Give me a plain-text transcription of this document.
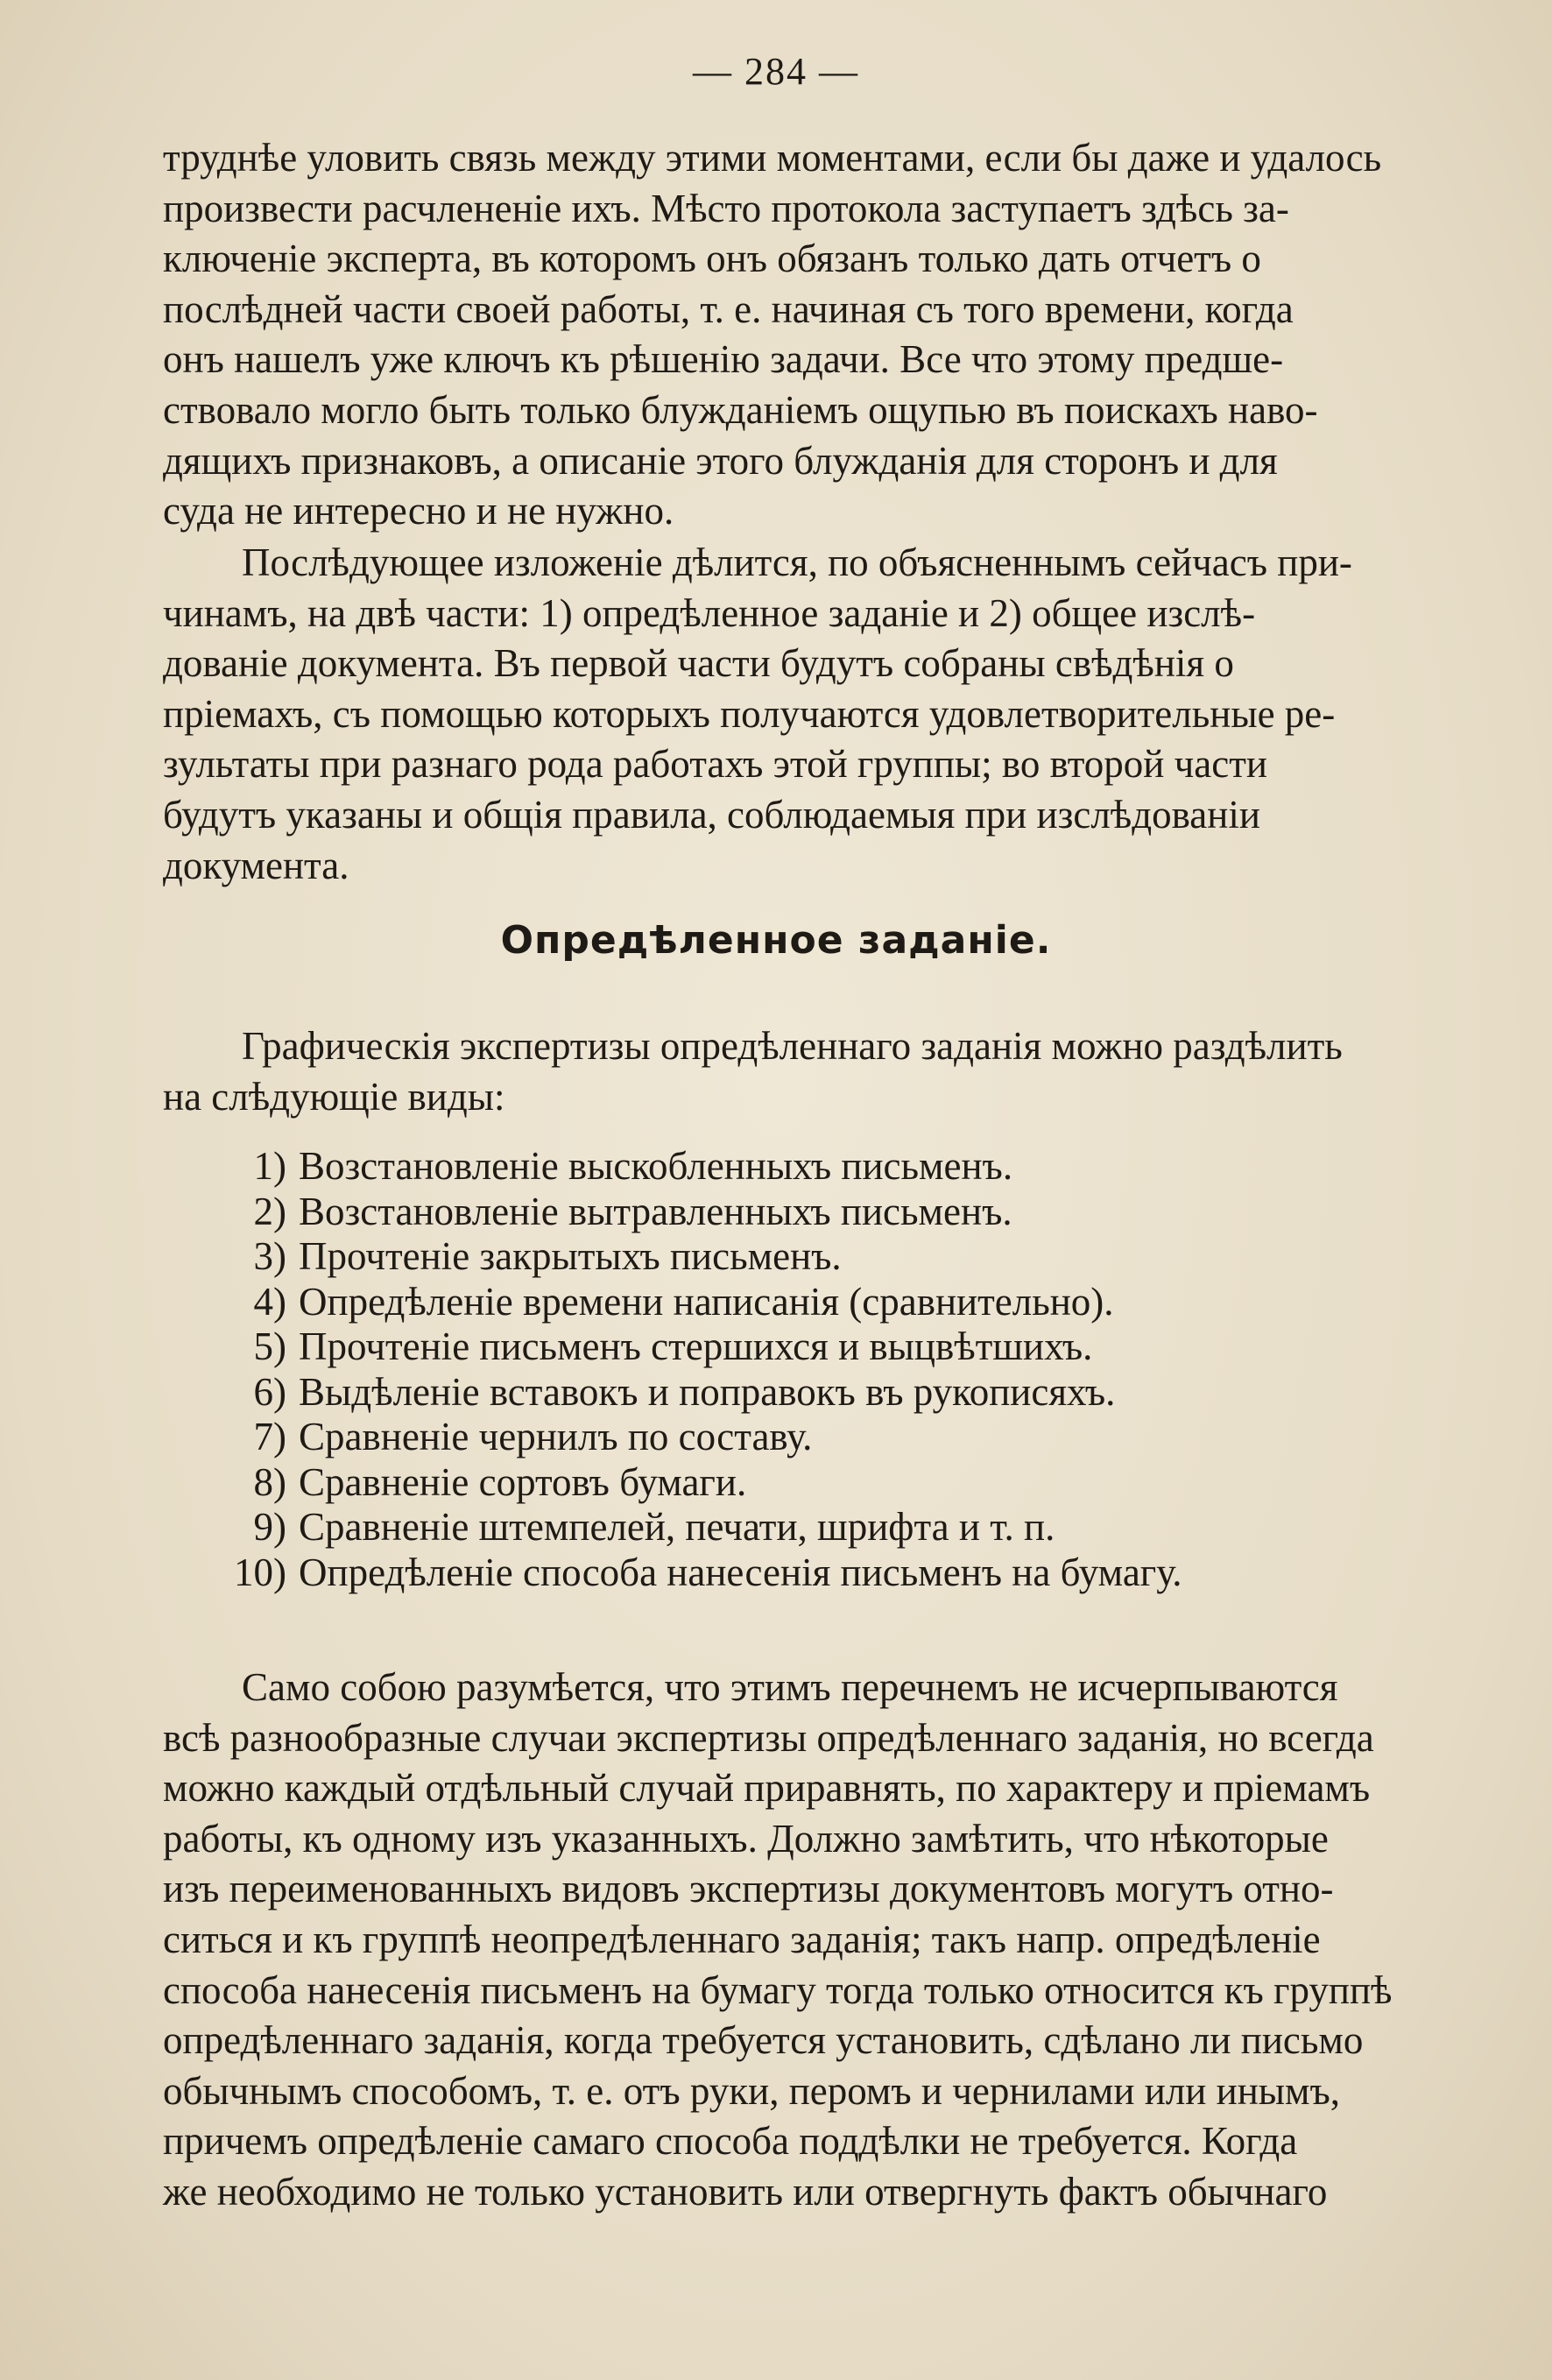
— 284 —

труднѣе уловить связь между этими моментами, если бы даже и удалось

произвести расчлененіе ихъ. Мѣсто протокола заступаетъ здѣсь за-

ключеніе эксперта, въ которомъ онъ обязанъ только дать отчетъ о

послѣдней части своей работы, т. е. начиная съ того времени, когда

онъ нашелъ уже ключъ къ рѣшенію задачи. Все что этому предше-

ствовало могло быть только блужданіемъ ощупью въ поискахъ наво-

дящихъ признаковъ, а описаніе этого блужданія для сторонъ и для

суда не интересно и не нужно.

Послѣдующее изложеніе дѣлится, по объясненнымъ сейчасъ при-

чинамъ, на двѣ части: 1) опредѣленное заданіе и 2) общее изслѣ-

дованіе документа. Въ первой части будутъ собраны свѣдѣнія о

пріемахъ, съ помощью которыхъ получаются удовлетворительные ре-

зультаты при разнаго рода работахъ этой группы; во второй части

будутъ указаны и общія правила, соблюдаемыя при изслѣдованіи

документа.

Опредѣленное заданіе.

Графическія экспертизы опредѣленнаго заданія можно раздѣлить

на слѣдующіе виды:

1) Возстановленіе выскобленныхъ письменъ.
2) Возстановленіе вытравленныхъ письменъ.
3) Прочтеніе закрытыхъ письменъ.
4) Опредѣленіе времени написанія (сравнительно).
5) Прочтеніе письменъ стершихся и выцвѣтшихъ.
6) Выдѣленіе вставокъ и поправокъ въ рукописяхъ.
7) Сравненіе чернилъ по составу.
8) Сравненіе сортовъ бумаги.
9) Сравненіе штемпелей, печати, шрифта и т. п.
10) Опредѣленіе способа нанесенія письменъ на бумагу.

Само собою разумѣется, что этимъ перечнемъ не исчерпываются

всѣ разнообразные случаи экспертизы опредѣленнаго заданія, но всегда

можно каждый отдѣльный случай приравнять, по характеру и пріемамъ

работы, къ одному изъ указанныхъ. Должно замѣтить, что нѣкоторые

изъ переименованныхъ видовъ экспертизы документовъ могутъ отно-

ситься и къ группѣ неопредѣленнаго заданія; такъ напр. опредѣленіе

способа нанесенія письменъ на бумагу тогда только относится къ группѣ

опредѣленнаго заданія, когда требуется установить, сдѣлано ли письмо

обычнымъ способомъ, т. е. отъ руки, перомъ и чернилами или инымъ,

причемъ опредѣленіе самаго способа поддѣлки не требуется. Когда

же необходимо не только установить или отвергнуть фактъ обычнаго
